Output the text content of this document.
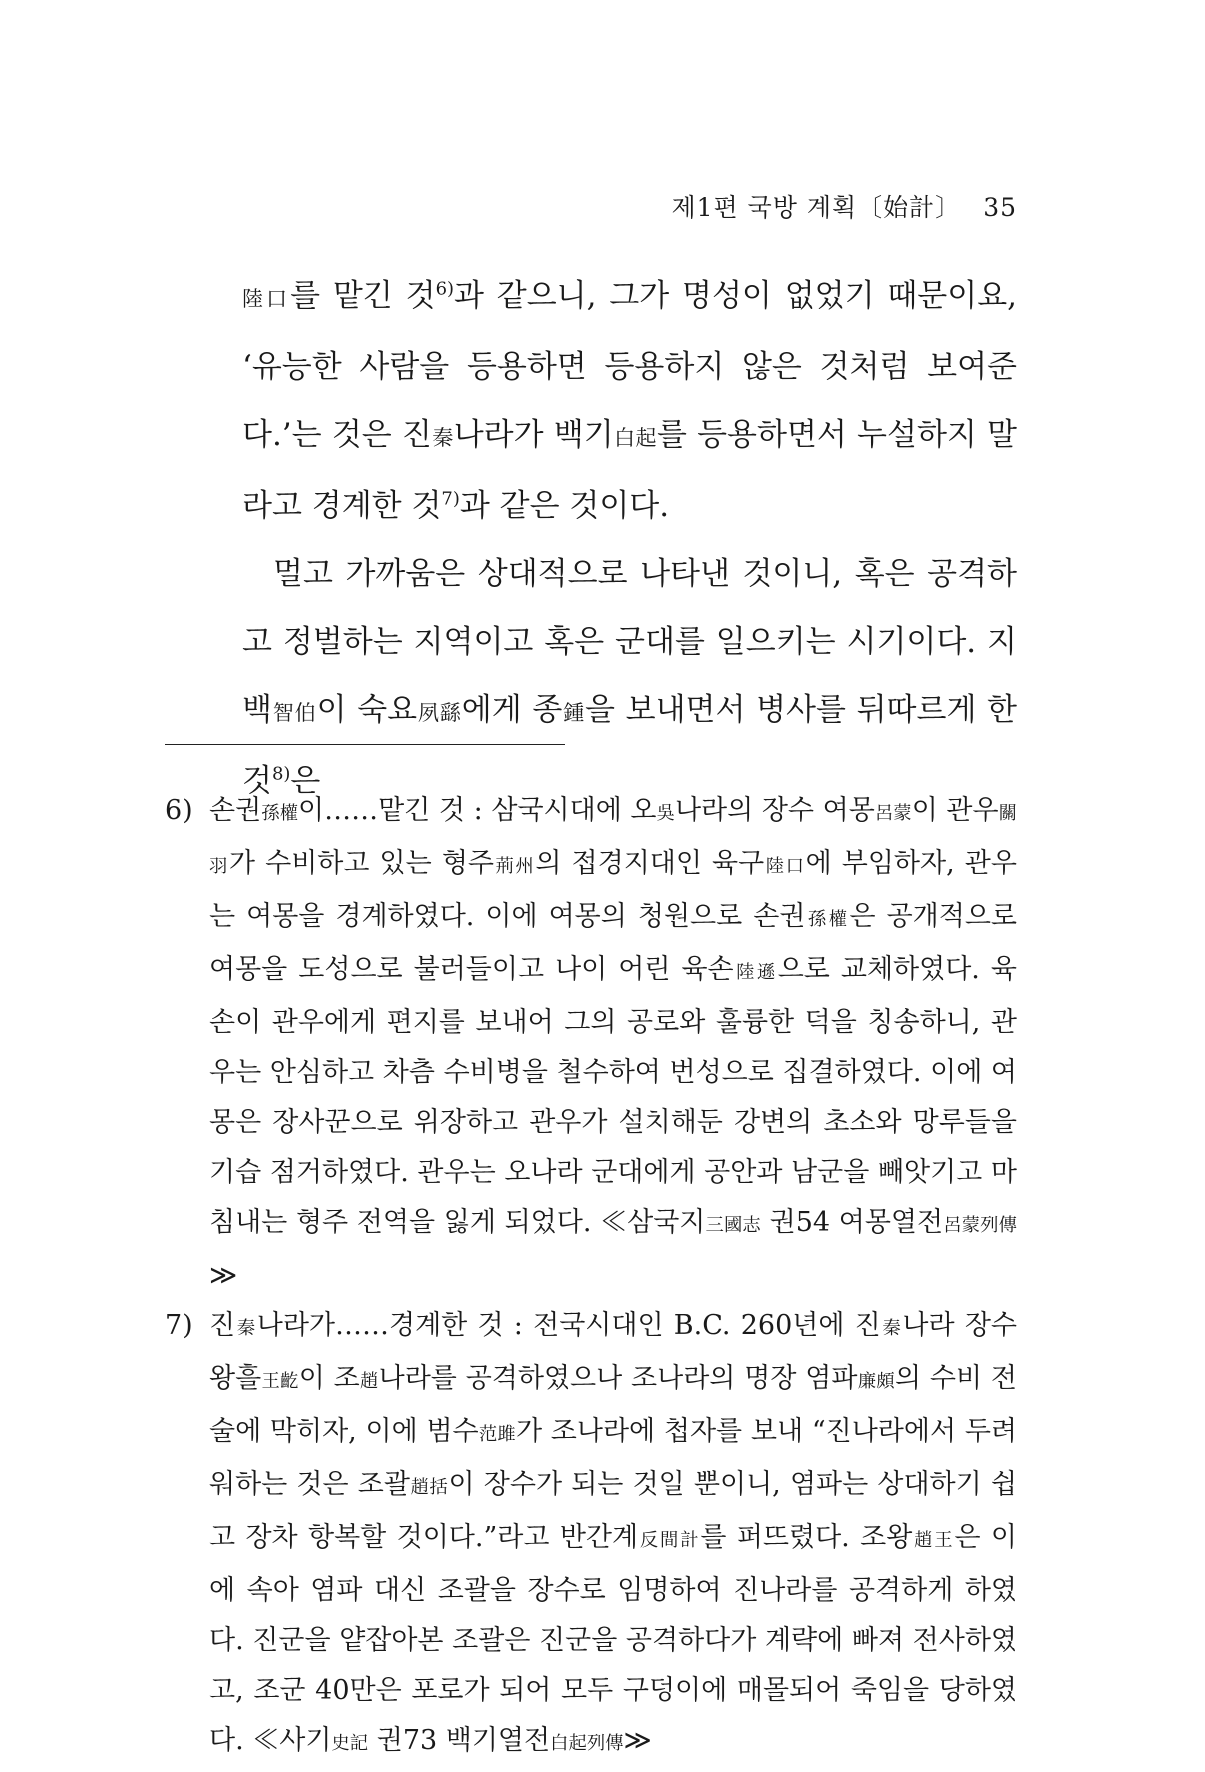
제1편 국방 계획〔始計〕 35

陸口를 맡긴 것$^{6)}$과 같으니, 그가 명성이 없었기 때문이요, ‘유능한 사람을 등용하면 등용하지 않은 것처럼 보여준다.’는 것은 진秦나라가 백기白起를 등용하면서 누설하지 말라고 경계한 것$^{7)}$과 같은 것이다.

멀고 가까움은 상대적으로 나타낸 것이니, 혹은 공격하고 정벌하는 지역이고 혹은 군대를 일으키는 시기이다. 지백智伯이 숙요夙繇에게 종鍾을 보내면서 병사를 뒤따르게 한 것$^{8)}$은

6) 손권孫權이……맡긴 것 : 삼국시대에 오吳나라의 장수 여몽呂蒙이 관우關羽가 수비하고 있는 형주荊州의 접경지대인 육구陸口에 부임하자, 관우는 여몽을 경계하였다. 이에 여몽의 청원으로 손권孫權은 공개적으로 여몽을 도성으로 불러들이고 나이 어린 육손陸遜으로 교체하였다. 육손이 관우에게 편지를 보내어 그의 공로와 훌륭한 덕을 칭송하니, 관우는 안심하고 차츰 수비병을 철수하여 번성으로 집결하였다. 이에 여몽은 장사꾼으로 위장하고 관우가 설치해둔 강변의 초소와 망루들을 기습 점거하였다. 관우는 오나라 군대에게 공안과 남군을 빼앗기고 마침내는 형주 전역을 잃게 되었다. ≪삼국지三國志 권54 여몽열전呂蒙列傳≫
7) 진秦나라가……경계한 것 : 전국시대인 B.C. 260년에 진秦나라 장수 왕흘王齕이 조趙나라를 공격하였으나 조나라의 명장 염파廉頗의 수비 전술에 막히자, 이에 범수范雎가 조나라에 첩자를 보내 “진나라에서 두려워하는 것은 조괄趙括이 장수가 되는 것일 뿐이니, 염파는 상대하기 쉽고 장차 항복할 것이다.”라고 반간계反間計를 퍼뜨렸다. 조왕趙王은 이에 속아 염파 대신 조괄을 장수로 임명하여 진나라를 공격하게 하였다. 진군을 얕잡아본 조괄은 진군을 공격하다가 계략에 빠져 전사하였고, 조군 40만은 포로가 되어 모두 구덩이에 매몰되어 죽임을 당하였다. ≪사기史記 권73 백기열전白起列傳≫
